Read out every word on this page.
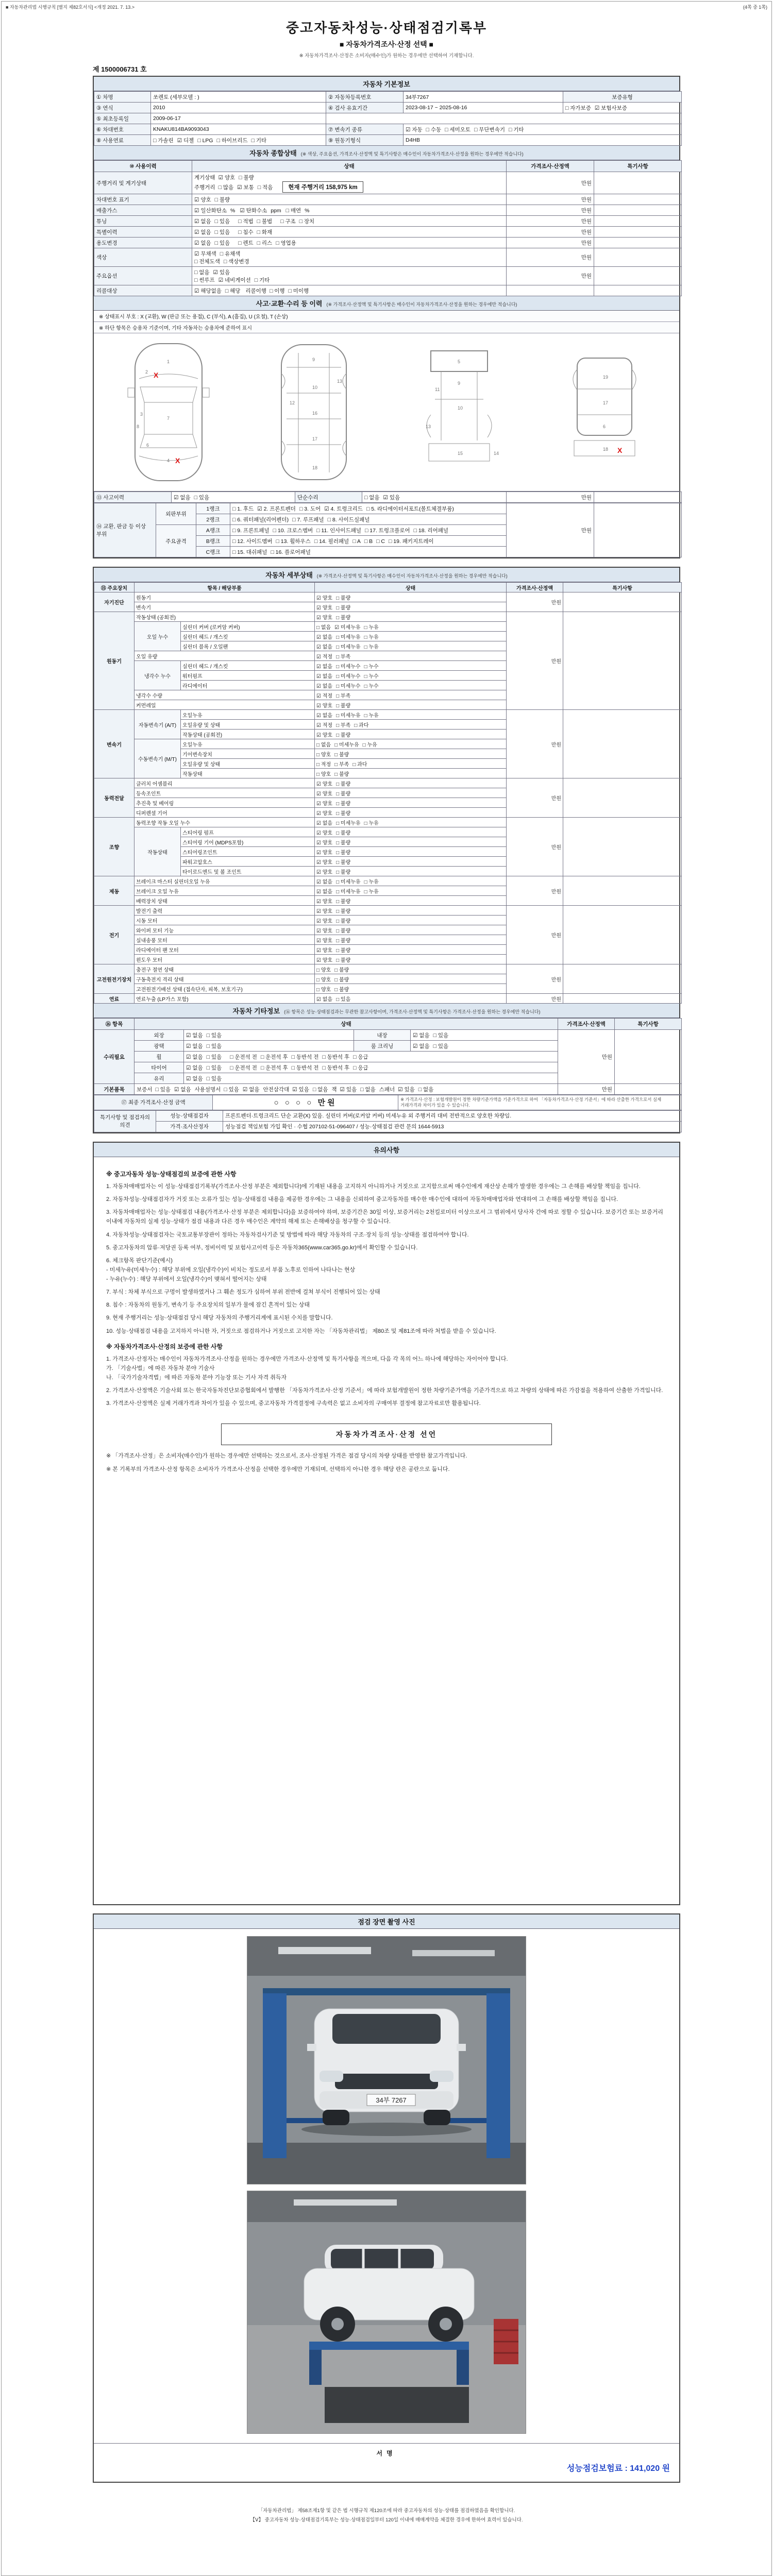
■ 자동차관리법 시행규칙 [별지 제82호서식] <개정 2021. 7. 13.>	(4쪽 중 1쪽)
중고자동차성능·상태점검기록부
■ 자동차가격조사·산정 선택 ■
※ 자동차가격조사·산정은 소비자(매수인)가 원하는 경우에만 선택하여 기재합니다.
제 1500006731 호
자동차 기본정보
① 차명	쏘렌토 (세부모델 : )	② 자동차등록번호	34부7267	보증유형
③ 연식	2010	④ 검사 유효기간	2023-08-17 ~ 2025-08-16	□ 자가보증 ☑ 보험사보증
⑤ 최초등록일	2009-06-17			
⑥ 차대번호	KNAKU814BA9093043	⑦ 변속기 종류	☑ 자동 □ 수동 □ 세미오토 □ 무단변속기 □ 기타	
⑧ 사용연료	□ 가솔린 ☑ 디젤 □ LPG □ 하이브리드 □ 기타	⑨ 원동기형식	D4HB	
자동차 종합상태 (※ 색상, 주요옵션, 가격조사·산정액 및 특기사항은 매수인이 자동차가격조사·산정을 원하는 경우에만 적습니다)
⑩ 사용이력	상태	가격조사·산정액	특기사항
주행거리 및 계기상태	계기상태 ☑ 양호 □ 불량
주행거리 □ 많음 ☑ 보통 □ 적음 현재 주행거리 158,975 km	만원	
차대번호 표기	☑ 양호 □ 불량	만원	
배출가스	☑ 일산화탄소 % ☑ 탄화수소 ppm □ 매연 %	만원	
튜닝	☑ 없음 □ 있음 □ 적법 □ 불법 □ 구조 □ 장치	만원	
특별이력	☑ 없음 □ 있음 □ 침수 □ 화재	만원	
용도변경	☑ 없음 □ 있음 □ 렌트 □ 리스 □ 영업용	만원	
색상	☑ 무채색 □ 유채색
□ 전체도색 □ 색상변경	만원	
주요옵션	□ 없음 ☑ 있음
□ 썬루프 ☑ 네비게이션 □ 기타	만원	
리콜대상	☑ 해당없음 □ 해당 리콜이행 □ 이행 □ 미이행		
사고·교환·수리 등 이력 (※ 가격조사·산정액 및 특기사항은 매수인이 자동차가격조사·산정을 원하는 경우에만 적습니다)
※ 상태표시 부호 : X (교환), W (판금 또는 용접), C (부식), A (흠집), U (요철), T (손상)
※ 하단 항목은 승용차 기준이며, 기타 자동차는 승용차에 준하여 표시
1
2
3
7
4
6
8
X
X
9
10
12
13
16
17
18
5
9
11
10
13
15	14
19
17
6
18 X
⑬ 사고이력	☑ 없음 □ 있음	단순수리	□ 없음 ☑ 있음	만원	
⑭ 교환, 판금 등 이상 부위	외판부위	1랭크	□ 1. 후드 ☑ 2. 프론트펜더 □ 3. 도어 ☑ 4. 트렁크리드 □ 5. 라디에이터서포트(볼트체결부품)	만원	
		2랭크	□ 6. 쿼터패널(리어펜더) □ 7. 루프패널 □ 8. 사이드실패널		
	주요골격	A랭크	□ 9. 프론트패널 □ 10. 크로스멤버 □ 11. 인사이드패널 □ 17. 트렁크플로어 □ 18. 리어패널		
		B랭크	□ 12. 사이드멤버 □ 13. 휠하우스 □ 14. 필러패널 □ A □ B □ C □ 19. 패키지트레이		
		C랭크	□ 15. 대쉬패널 □ 16. 플로어패널		
자동차 세부상태 (※ 가격조사·산정액 및 특기사항은 매수인이 자동차가격조사·산정을 원하는 경우에만 적습니다)
⑮ 주요장치	항목 / 해당부품		상태	가격조사·산정액	특기사항
자기진단	원동기		☑ 양호 □ 불량	만원	
	변속기		☑ 양호 □ 불량		
원동기	작동상태 (공회전)		☑ 양호 □ 불량	만원	
	오일 누수	실린더 커버 (로커암 커버)	□ 없음 ☑ 미세누유 □ 누유		
		실린더 헤드 / 개스킷	☑ 없음 □ 미세누유 □ 누유		
		실린더 블록 / 오일팬	☑ 없음 □ 미세누유 □ 누유		
	오일 유량		☑ 적정 □ 부족		
	냉각수 누수	실린더 헤드 / 개스킷	☑ 없음 □ 미세누수 □ 누수		
		워터펌프	☑ 없음 □ 미세누수 □ 누수		
		라디에이터	☑ 없음 □ 미세누수 □ 누수		
	냉각수 수량		☑ 적정 □ 부족		
	커먼레일		☑ 양호 □ 불량		
변속기	자동변속기 (A/T)	오일누유	☑ 없음 □ 미세누유 □ 누유	만원	
		오일유량 및 상태	☑ 적정 □ 부족 □ 과다		
		작동상태 (공회전)	☑ 양호 □ 불량		
	수동변속기 (M/T)	오일누유	□ 없음 □ 미세누유 □ 누유		
		기어변속장치	□ 양호 □ 불량		
		오일유량 및 상태	□ 적정 □ 부족 □ 과다		
		작동상태	□ 양호 □ 불량		
동력전달	클러치 어셈블리		☑ 양호 □ 불량	만원	
	등속조인트		☑ 양호 □ 불량		
	추진축 및 베어링		☑ 양호 □ 불량		
	디퍼렌셜 기어		☑ 양호 □ 불량		
조향	동력조향 작동 오일 누수		☑ 없음 □ 미세누유 □ 누유	만원	
	작동상태	스티어링 펌프	☑ 양호 □ 불량		
		스티어링 기어 (MDPS포함)	☑ 양호 □ 불량		
		스티어링조인트	☑ 양호 □ 불량		
		파워고압호스	☑ 양호 □ 불량		
		타이로드엔드 및 볼 조인트	☑ 양호 □ 불량		
제동	브레이크 마스터 실린더오일 누유		☑ 없음 □ 미세누유 □ 누유	만원	
	브레이크 오일 누유		☑ 없음 □ 미세누유 □ 누유		
	배력장치 상태		☑ 양호 □ 불량		
전기	발전기 출력		☑ 양호 □ 불량	만원	
	시동 모터		☑ 양호 □ 불량		
	와이퍼 모터 기능		☑ 양호 □ 불량		
	실내송풍 모터		☑ 양호 □ 불량		
	라디에이터 팬 모터		☑ 양호 □ 불량		
	윈도우 모터		☑ 양호 □ 불량		
고전원전기장치	충전구 절연 상태		□ 양호 □ 불량	만원	
	구동축전지 격리 상태		□ 양호 □ 불량		
	고전원전기배선 상태 (접속단자, 피복, 보호기구)		□ 양호 □ 불량		
연료	연료누출 (LP가스 포함)		☑ 없음 □ 있음	만원	
자동차 기타정보 (⑯ 항목은 성능·상태점검과는 무관한 참고사항이며, 가격조사·산정액 및 특기사항은 가격조사·산정을 원하는 경우에만 적습니다)
⑯ 항목	상태				가격조사·산정액	특기사항
수리필요	외장	☑ 없음 □ 있음	내장	☑ 없음 □ 있음	만원	
	광택	☑ 없음 □ 있음	룸 크리닝	☑ 없음 □ 있음		
	휠	☑ 없음 □ 있음 □ 운전석 전 □ 운전석 후 □ 동반석 전 □ 동반석 후 □ 응급				
	타이어	☑ 없음 □ 있음 □ 운전석 전 □ 운전석 후 □ 동반석 전 □ 동반석 후 □ 응급				
	유리	☑ 없음 □ 있음				
기본품목	보증서 □ 있음 ☑ 없음 사용설명서 □ 있음 ☑ 없음 안전삼각대 ☑ 있음 □ 없음 잭 ☑ 있음 □ 없음 스패너 ☑ 있음 □ 없음				만원	
⑰ 최종 가격조사·산정 금액	○ ○ ○ ○ 만원	※ 가격조사·산정 : 보험개발원이 정한 차량기준가액을 기준가격으로 하여 「자동차가격조사·산정 기준서」에 따라 산출한 가격으로서 실제 거래가격과 차이가 있을 수 있습니다.
특기사항 및 점검자의 의견	성능·상태점검자	프론트펜더·트렁크리드 단순 교환(X) 있음. 실린더 커버(로커암 커버) 미세누유 외 주행거리 대비 전반적으로 양호한 차량임.
	가격·조사산정자	성능점검 책임보험 가입 확인 · 수협 207102-51-096407 / 성능·상태점검 관련 문의 1644-5913
유의사항

※ 중고자동차 성능·상태점검의 보증에 관한 사항

1. 자동차매매업자는 이 성능·상태점검기록부(가격조사·산정 부분은 제외합니다)에 기재된 내용을 고지하지 아니하거나 거짓으로 고지함으로써 매수인에게 재산상 손해가 발생한 경우에는 그 손해를 배상할 책임을 집니다.

2. 자동차성능·상태점검자가 거짓 또는 오류가 있는 성능·상태점검 내용을 제공한 경우에는 그 내용을 신뢰하여 중고자동차를 매수한 매수인에 대하여 자동차매매업자와 연대하여 그 손해를 배상할 책임을 집니다.

3. 자동차매매업자는 성능·상태점검 내용(가격조사·산정 부분은 제외합니다)을 보증하여야 하며, 보증기간은 30일 이상, 보증거리는 2천킬로미터 이상으로서 그 범위에서 당사자 간에 따로 정할 수 있습니다. 보증기간 또는 보증거리 이내에 자동차의 실제 성능·상태가 점검 내용과 다른 경우 매수인은 계약의 해제 또는 손해배상을 청구할 수 있습니다.

4. 자동차성능·상태점검자는 국토교통부장관이 정하는 자동차검사기준 및 방법에 따라 해당 자동차의 구조·장치 등의 성능·상태를 점검하여야 합니다.

5. 중고자동차의 압류·저당권 등록 여부, 정비이력 및 보험사고이력 등은 자동차365(www.car365.go.kr)에서 확인할 수 있습니다.

6. 체크항목 판단기준(예시)
- 미세누유(미세누수) : 해당 부위에 오일(냉각수)이 비치는 정도로서 부품 노후로 인하여 나타나는 현상
- 누유(누수) : 해당 부위에서 오일(냉각수)이 맺혀서 떨어지는 상태

7. 부식 : 차체 부식으로 구멍이 발생하였거나 그 훼손 정도가 심하여 부위 전반에 걸쳐 부식이 진행되어 있는 상태

8. 침수 : 자동차의 원동기, 변속기 등 주요장치의 일부가 물에 잠긴 흔적이 있는 상태

9. 현재 주행거리는 성능·상태점검 당시 해당 자동차의 주행거리계에 표시된 수치를 말합니다.

10. 성능·상태점검 내용을 고지하지 아니한 자, 거짓으로 점검하거나 거짓으로 고지한 자는 「자동차관리법」 제80조 및 제81조에 따라 처벌을 받을 수 있습니다.

※ 자동차가격조사·산정의 보증에 관한 사항

1. 가격조사·산정자는 매수인이 자동차가격조사·산정을 원하는 경우에만 가격조사·산정액 및 특기사항을 적으며, 다음 각 목의 어느 하나에 해당하는 자이어야 합니다.
가. 「기술사법」에 따른 자동차 분야 기술사
나. 「국가기술자격법」에 따른 자동차 분야 기능장 또는 기사 자격 취득자

2. 가격조사·산정액은 기술사회 또는 한국자동차진단보증협회에서 발행한 「자동차가격조사·산정 기준서」에 따라 보험개발원이 정한 차량기준가액을 기준가격으로 하고 차량의 상태에 따른 가감점을 적용하여 산출한 가격입니다.

3. 가격조사·산정액은 실제 거래가격과 차이가 있을 수 있으며, 중고자동차 가격결정에 구속력은 없고 소비자의 구매여부 결정에 참고자료로만 활용됩니다.

자동차가격조사·산정 선언

※ 「가격조사·산정」은 소비자(매수인)가 원하는 경우에만 선택하는 것으로서, 조사·산정된 가격은 점검 당시의 차량 상태를 반영한 참고가격입니다.

※ 본 기록부의 가격조사·산정 항목은 소비자가 가격조사·산정을 선택한 경우에만 기재되며, 선택하지 아니한 경우 해당 란은 공란으로 둡니다.

점검 장면 촬영 사진
34부 7267
서명
성능점검보험료 : 141,020 원
「자동차관리법」 제58조제1항 및 같은 법 시행규칙 제120조에 따라 중고자동차의 성능·상태를 점검하였음을 확인합니다.
【Ⅴ】 중고자동차 성능·상태점검기록부는 성능·상태점검일부터 120일 이내에 매매계약을 체결한 경우에 한하여 효력이 있습니다.
